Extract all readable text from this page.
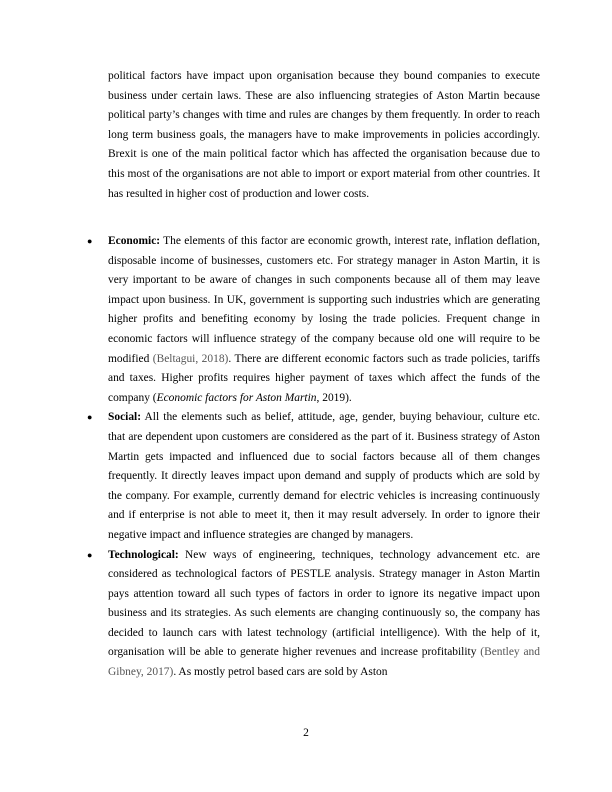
political factors have impact upon organisation because they bound companies to execute business under certain laws. These are also influencing strategies of Aston Martin because political party’s changes with time and rules are changes by them frequently. In order to reach long term business goals, the managers have to make improvements in policies accordingly. Brexit is one of the main political factor which has affected the organisation because due to this most of the organisations are not able to import or export material from other countries. It has resulted in higher cost of production and lower costs.
● Economic: The elements of this factor are economic growth, interest rate, inflation deflation, disposable income of businesses, customers etc. For strategy manager in Aston Martin, it is very important to be aware of changes in such components because all of them may leave impact upon business. In UK, government is supporting such industries which are generating higher profits and benefiting economy by losing the trade policies. Frequent change in economic factors will influence strategy of the company because old one will require to be modified (Beltagui, 2018). There are different economic factors such as trade policies, tariffs and taxes. Higher profits requires higher payment of taxes which affect the funds of the company (Economic factors for Aston Martin, 2019).
● Social: All the elements such as belief, attitude, age, gender, buying behaviour, culture etc. that are dependent upon customers are considered as the part of it. Business strategy of Aston Martin gets impacted and influenced due to social factors because all of them changes frequently. It directly leaves impact upon demand and supply of products which are sold by the company. For example, currently demand for electric vehicles is increasing continuously and if enterprise is not able to meet it, then it may result adversely. In order to ignore their negative impact and influence strategies are changed by managers.
● Technological: New ways of engineering, techniques, technology advancement etc. are considered as technological factors of PESTLE analysis. Strategy manager in Aston Martin pays attention toward all such types of factors in order to ignore its negative impact upon business and its strategies. As such elements are changing continuously so, the company has decided to launch cars with latest technology (artificial intelligence). With the help of it, organisation will be able to generate higher revenues and increase profitability (Bentley and Gibney, 2017). As mostly petrol based cars are sold by Aston
2
